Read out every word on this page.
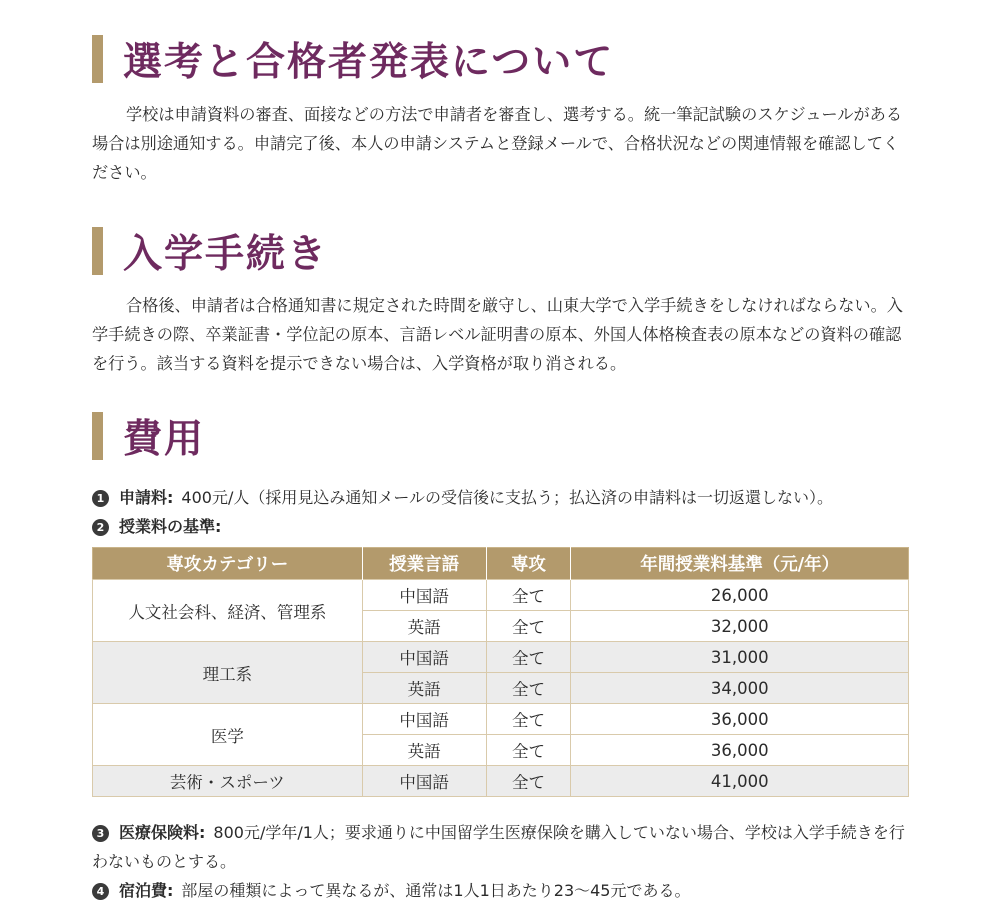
選考と合格者発表について

学校は申請資料の審査、面接などの方法で申請者を審査し、選考する。統一筆記試験のスケジュールがある場合は別途通知する。申請完了後、本人の申請システムと登録メールで、合格状況などの関連情報を確認してください。

入学手続き

合格後、申請者は合格通知書に規定された時間を厳守し、山東大学で入学手続きをしなければならない。入学手続きの際、卒業証書・学位記の原本、言語レベル証明書の原本、外国人体格検査表の原本などの資料の確認を行う。該当する資料を提示できない場合は、入学資格が取り消される。

費用
1 申請料: 400元/人（採用見込み通知メールの受信後に支払う；払込済の申請料は一切返還しない）。
2 授業料の基準:
専攻カテゴリー	授業言語	専攻	年間授業料基準（元/年）
人文社会科、経済、管理系	中国語	全て	26,000
	英語	全て	32,000
理工系	中国語	全て	31,000
	英語	全て	34,000
医学	中国語	全て	36,000
	英語	全て	36,000
芸術・スポーツ	中国語	全て	41,000
3 医療保険料: 800元/学年/1人；要求通りに中国留学生医療保険を購入していない場合、学校は入学手続きを行わないものとする。
4 宿泊費: 部屋の種類によって異なるが、通常は1人1日あたり23～45元である。
